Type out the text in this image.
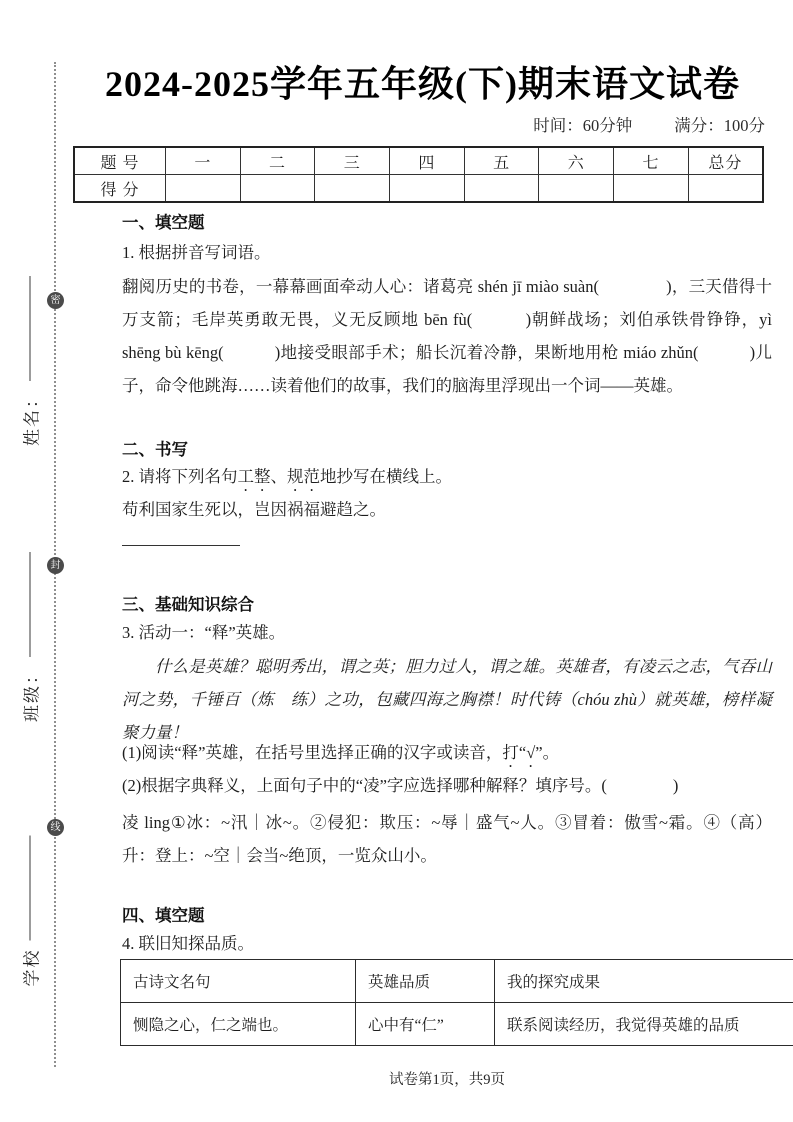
密
封
线
姓名：
班级：
学校
2024-2025学年五年级(下)期末语文试卷
时间：60分钟	满分：100分
题 号	一	二	三	四	五	六	七	总分
得 分								
一、填空题
1. 根据拼音写词语。
翻阅历史的书卷，一幕幕画面牵动人心：诸葛亮 shén jī miào suàn(　　　　)，三天借得十万支箭；毛岸英勇敢无畏，义无反顾地 bēn fù(　　　)朝鲜战场；刘伯承铁骨铮铮，yì shēng bù kēng(　　　)地接受眼部手术；船长沉着冷静，果断地用枪 miáo zhǔn(　　　)儿子，命令他跳海……读着他们的故事，我们的脑海里浮现出一个词——英雄。
二、书写
2. 请将下列名句工整、规范地抄写在横线上。
苟利国家生死以，岂因祸福避趋之。
三、基础知识综合
3. 活动一：“释”英雄。
什么是英雄？聪明秀出，谓之英；胆力过人，谓之雄。英雄者，有凌云之志，气吞山河之势，千锤百（炼　练）之功，包藏四海之胸襟！时代铸（chóu zhù）就英雄，榜样凝聚力量！
(1)阅读“释”英雄，在括号里选择正确的汉字或读音，打“√”。
(2)根据字典释义，上面句子中的“凌”字应选择哪种解释？填序号。(　　　　)
凌 ling①冰：~汛｜冰~。②侵犯：欺压：~辱｜盛气~人。③冒着：傲雪~霜。④（高）升：登上：~空｜会当~绝顶，一览众山小。
四、填空题
4. 联旧知探品质。
古诗文名句	英雄品质	我的探究成果
恻隐之心，仁之端也。	心中有“仁”	联系阅读经历，我觉得英雄的品质
试卷第1页，共9页
